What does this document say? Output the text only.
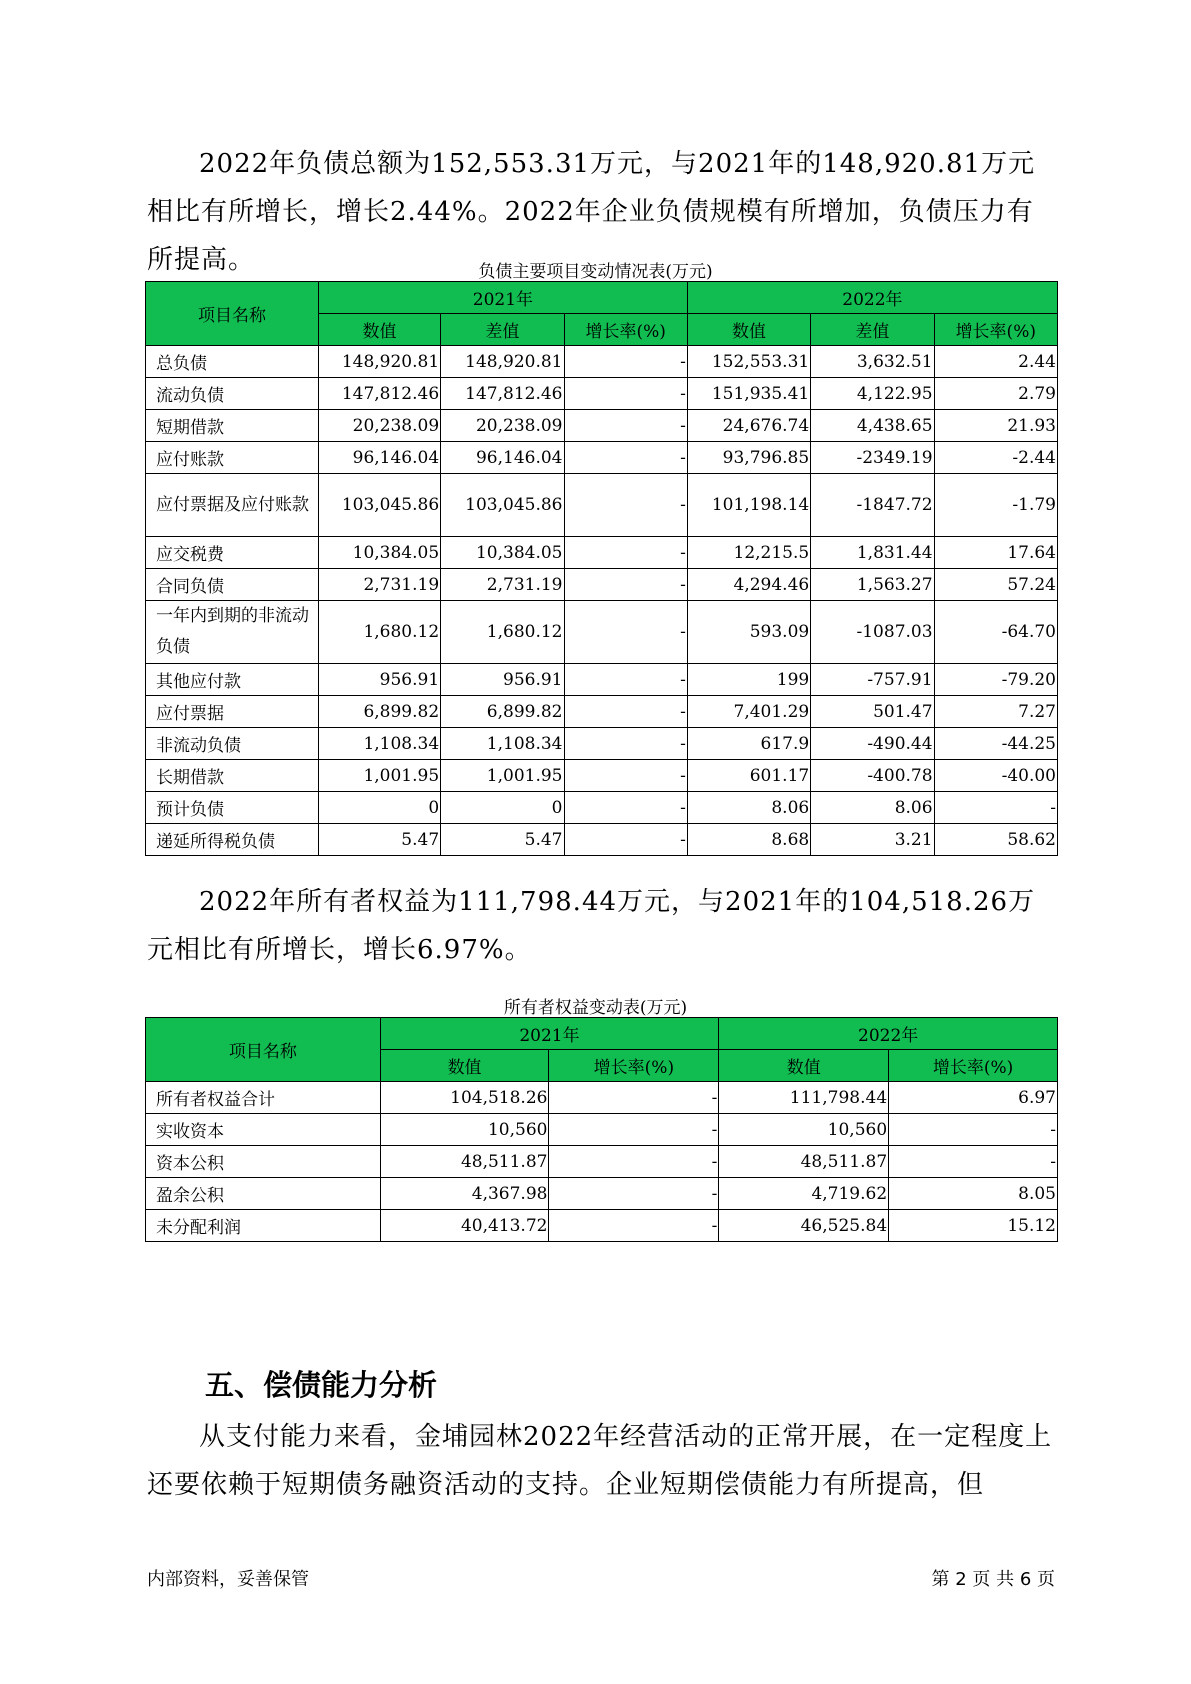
2022年负债总额为152,553.31万元，与2021年的148,920.81万元相比有所增长，增长2.44%。2022年企业负债规模有所增加，负债压力有所提高。	负债主要项目变动情况表(万元)

项目名称	2021年			2022年		
	数值	差值	增长率(%)	数值	差值	增长率(%)
总负债	148,920.81	148,920.81	-	152,553.31	3,632.51	2.44
流动负债	147,812.46	147,812.46	-	151,935.41	4,122.95	2.79
短期借款	20,238.09	20,238.09	-	24,676.74	4,438.65	21.93
应付账款	96,146.04	96,146.04	-	93,796.85	-2349.19	-2.44
应付票据及应付账款	103,045.86	103,045.86	-	101,198.14	-1847.72	-1.79
应交税费	10,384.05	10,384.05	-	12,215.5	1,831.44	17.64
合同负债	2,731.19	2,731.19	-	4,294.46	1,563.27	57.24
一年内到期的非流动负债	1,680.12	1,680.12	-	593.09	-1087.03	-64.70
其他应付款	956.91	956.91	-	199	-757.91	-79.20
应付票据	6,899.82	6,899.82	-	7,401.29	501.47	7.27
非流动负债	1,108.34	1,108.34	-	617.9	-490.44	-44.25
长期借款	1,001.95	1,001.95	-	601.17	-400.78	-40.00
预计负债	0	0	-	8.06	8.06	-
递延所得税负债	5.47	5.47	-	8.68	3.21	58.62

2022年所有者权益为111,798.44万元，与2021年的104,518.26万元相比有所增长，增长6.97%。

所有者权益变动表(万元)

项目名称	2021年		2022年	
	数值	增长率(%)	数值	增长率(%)
所有者权益合计	104,518.26	-	111,798.44	6.97
实收资本	10,560	-	10,560	-
资本公积	48,511.87	-	48,511.87	-
盈余公积	4,367.98	-	4,719.62	8.05
未分配利润	40,413.72	-	46,525.84	15.12
五、偿债能力分析

从支付能力来看，金埔园林2022年经营活动的正常开展，在一定程度上还要依赖于短期债务融资活动的支持。企业短期偿债能力有所提高，但

内部资料，妥善保管	第 2 页 共 6 页
